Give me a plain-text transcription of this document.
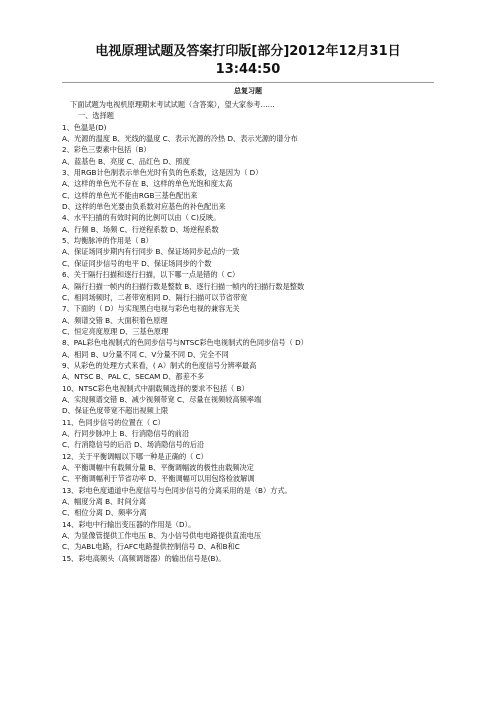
电视原理试题及答案打印版[部分]2012年12月31日
13:44:50
总复习题
下面试题为电视机原理期末考试试题（含答案），望大家参考……
一、选择题
1、色温是(D)
A、光源的温度 B、光线的温度 C、表示光源的冷热 D、表示光源的谱分布
2、彩色三要素中包括（B）
A、蓝基色 B、亮度 C、品红色 D、照度
3、用RGB计色制表示单色光时有负的色系数，这是因为（ D）
A、这样的单色光不存在 B、这样的单色光饱和度太高
C、这样的单色光不能由RGB三基色配出来
D、这样的单色光要由负系数对应基色的补色配出来
4、水平扫描的有效时间的比例可以由（ C)反映。
A、行频 B、场频 C、行逆程系数 D、场逆程系数
5、均衡脉冲的作用是（ B）
A、保证场同步期内有行同步 B、保证场同步起点的一致
C、保证同步信号的电平 D、保证场同步的个数
6、关于隔行扫描和逐行扫描，以下哪一点是错的（ C）
A、隔行扫描一帧内的扫描行数是整数 B、逐行扫描一帧内的扫描行数是整数
C、相同场频时，二者带宽相同 D、隔行扫描可以节省带宽
7、下面的（ D）与实现黑白电视与彩色电视的兼容无关
A、频谱交错 B、大面积着色原理
C、恒定亮度原理 D、三基色原理
8、PAL彩色电视制式的色同步信号与NTSC彩色电视制式的色同步信号（ D）
A、相同 B、U分量不同 C、V分量不同 D、完全不同
9、从彩色的处理方式来看，( A）制式的色度信号分辨率最高
A、NTSC B、PAL C、SECAM D、都差不多
10、NTSC彩色电视制式中副载频选择的要求不包括（ B）
A、实现频谱交错 B、减少视频带宽 C、尽量在视频较高频率端
D、保证色度带宽不超出视频上限
11、色同步信号的位置在（ C）
A、行同步脉冲上 B、行消隐信号的前沿
C、行消隐信号的后沿 D、场消隐信号的后沿
12、关于平衡调幅以下哪一种是正确的（ C）
A、平衡调幅中有载频分量 B、平衡调幅波的极性由载频决定
C、平衡调幅利于节省功率 D、平衡调幅可以用包络检波解调
13、彩电色度通道中色度信号与色同步信号的分离采用的是（B）方式。
A、幅度分离 B、时间分离
C、相位分离 D、频率分离
14、彩电中行输出变压器的作用是（D）。
A、为显像管提供工作电压 B、为小信号供电电路提供直流电压
C、为ABL电路，行AFC电路提供控制信号 D、A和B和C
15、彩电高频头（高频调谐器）的输出信号是(B)。
